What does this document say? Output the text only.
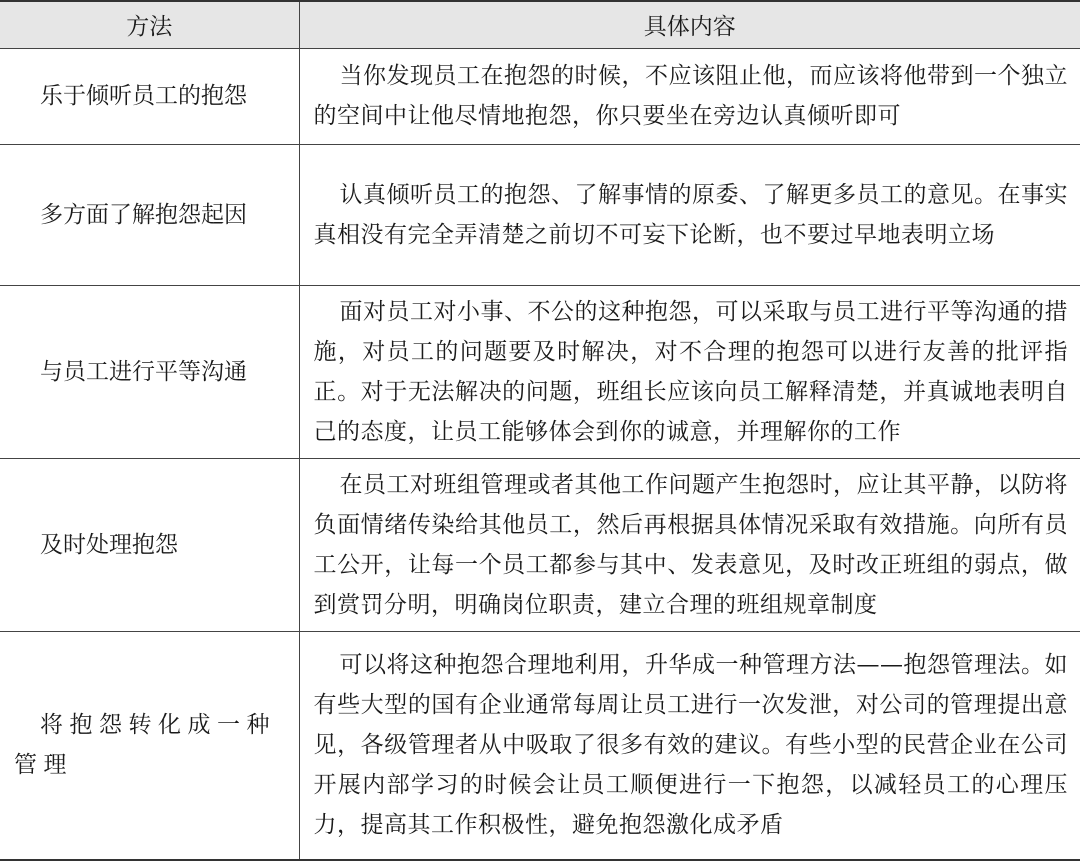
方法	具体内容
乐于倾听员工的抱怨	当你发现员工在抱怨的时候，不应该阻止他，而应该将他带到一个独立的空间中让他尽情地抱怨，你只要坐在旁边认真倾听即可
多方面了解抱怨起因	认真倾听员工的抱怨、了解事情的原委、了解更多员工的意见。在事实真相没有完全弄清楚之前切不可妄下论断，也不要过早地表明立场
与员工进行平等沟通	面对员工对小事、不公的这种抱怨，可以采取与员工进行平等沟通的措施，对员工的问题要及时解决，对不合理的抱怨可以进行友善的批评指正。对于无法解决的问题，班组长应该向员工解释清楚，并真诚地表明自己的态度，让员工能够体会到你的诚意，并理解你的工作
及时处理抱怨	在员工对班组管理或者其他工作问题产生抱怨时，应让其平静，以防将负面情绪传染给其他员工，然后再根据具体情况采取有效措施。向所有员工公开，让每一个员工都参与其中、发表意见，及时改正班组的弱点，做到赏罚分明，明确岗位职责，建立合理的班组规章制度
将抱怨转化成一种管理	可以将这种抱怨合理地利用，升华成一种管理方法——抱怨管理法。如有些大型的国有企业通常每周让员工进行一次发泄，对公司的管理提出意见，各级管理者从中吸取了很多有效的建议。有些小型的民营企业在公司开展内部学习的时候会让员工顺便进行一下抱怨，以减轻员工的心理压力，提高其工作积极性，避免抱怨激化成矛盾
